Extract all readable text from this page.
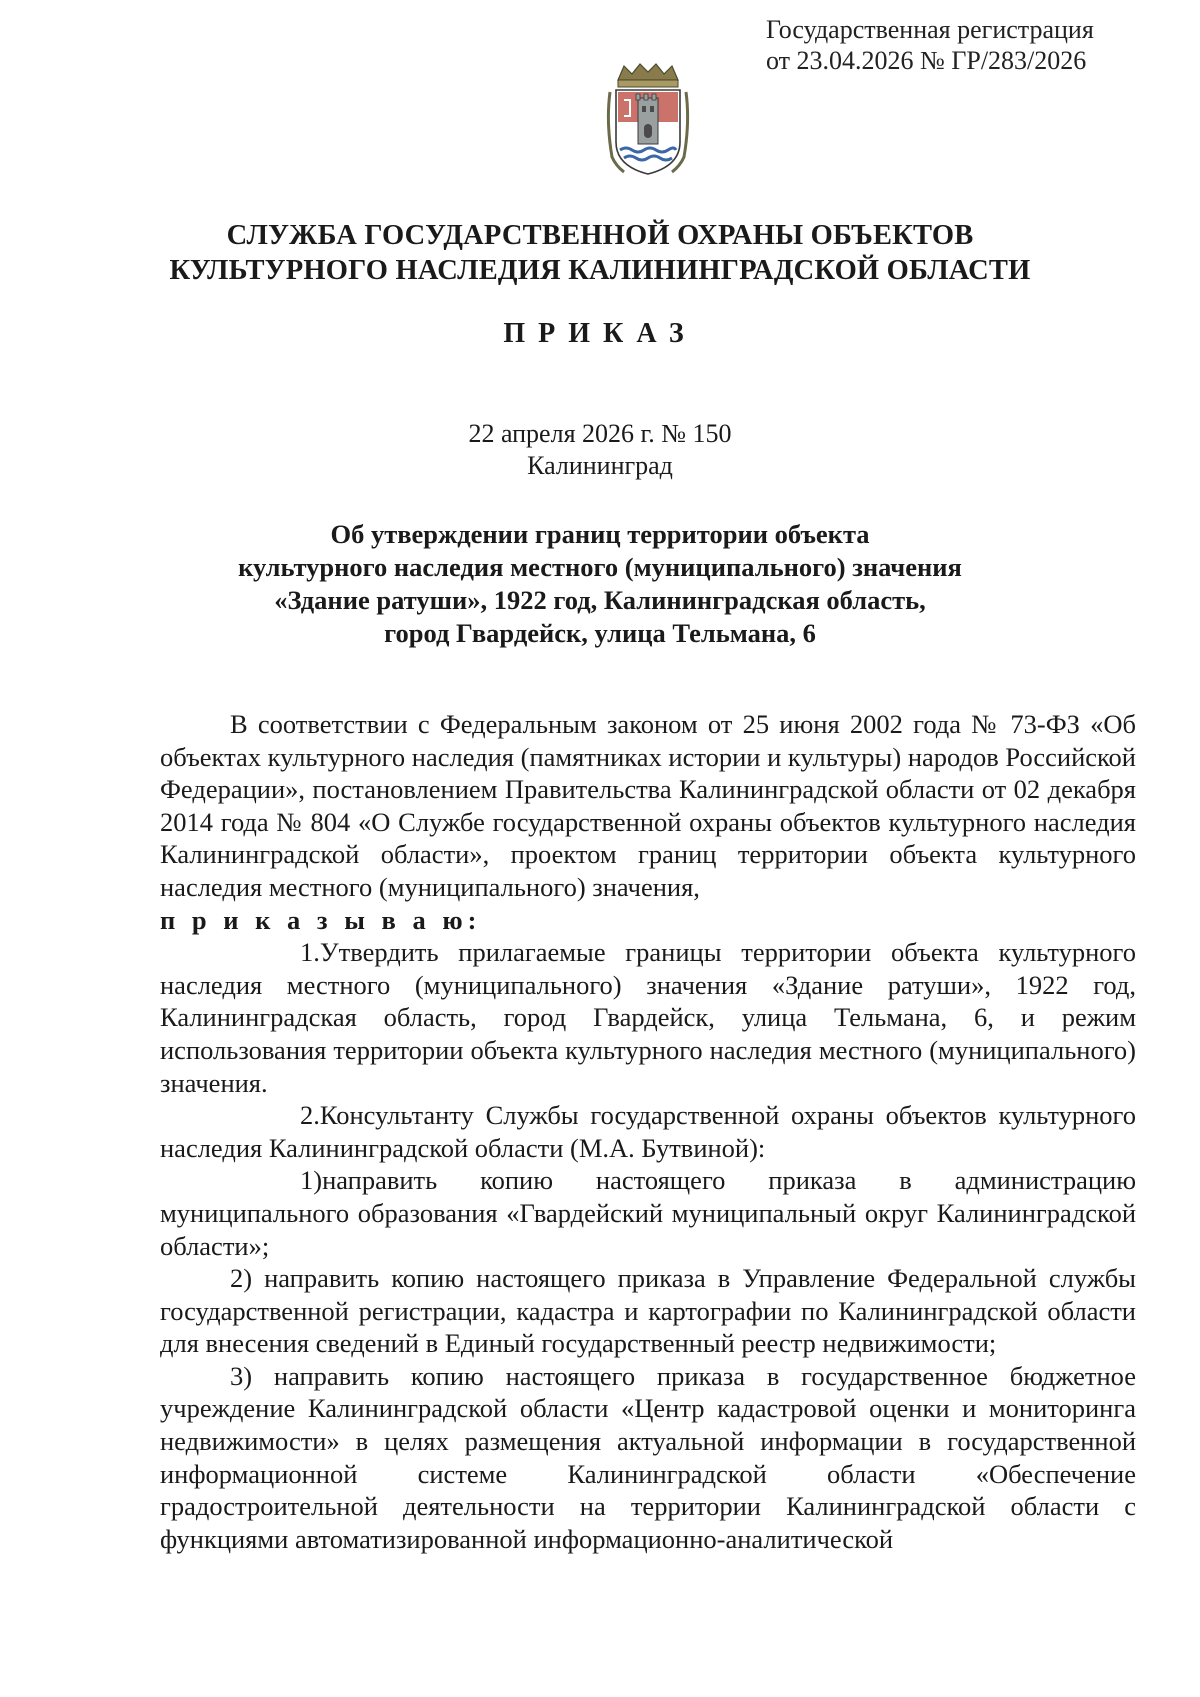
Государственная регистрация
от 23.04.2026 № ГР/283/2026
СЛУЖБА ГОСУДАРСТВЕННОЙ ОХРАНЫ ОБЪЕКТОВ
КУЛЬТУРНОГО НАСЛЕДИЯ КАЛИНИНГРАДСКОЙ ОБЛАСТИ
ПРИКАЗ
22 апреля 2026 г. № 150
Калининград
Об утверждении границ территории объекта
культурного наследия местного (муниципального) значения
«Здание ратуши», 1922 год, Калининградская область,
город Гвардейск, улица Тельмана, 6

В соответствии с Федеральным законом от 25 июня 2002 года № 73-ФЗ «Об объектах культурного наследия (памятниках истории и культуры) народов Российской Федерации», постановлением Правительства Калининградской области от 02 декабря 2014 года № 804 «О Службе государственной охраны объектов культурного наследия Калининградской области», проектом границ территории объекта культурного наследия местного (муниципального) значения,

п р и к а з ы в а ю:

1.Утвердить прилагаемые границы территории объекта культурного наследия местного (муниципального) значения «Здание ратуши», 1922 год, Калининградская область, город Гвардейск, улица Тельмана, 6, и режим использования территории объекта культурного наследия местного (муниципального) значения.

2.Консультанту Службы государственной охраны объектов культурного наследия Калининградской области (М.А. Бутвиной):

1)направить копию настоящего приказа в администрацию муниципального образования «Гвардейский муниципальный округ Калининградской области»;

2) направить копию настоящего приказа в Управление Федеральной службы государственной регистрации, кадастра и картографии по Калининградской области для внесения сведений в Единый государственный реестр недвижимости;

3) направить копию настоящего приказа в государственное бюджетное учреждение Калининградской области «Центр кадастровой оценки и мониторинга недвижимости» в целях размещения актуальной информации в государственной информационной системе Калининградской области «Обеспечение градостроительной деятельности на территории Калининградской области с функциями автоматизированной информационно-аналитической
